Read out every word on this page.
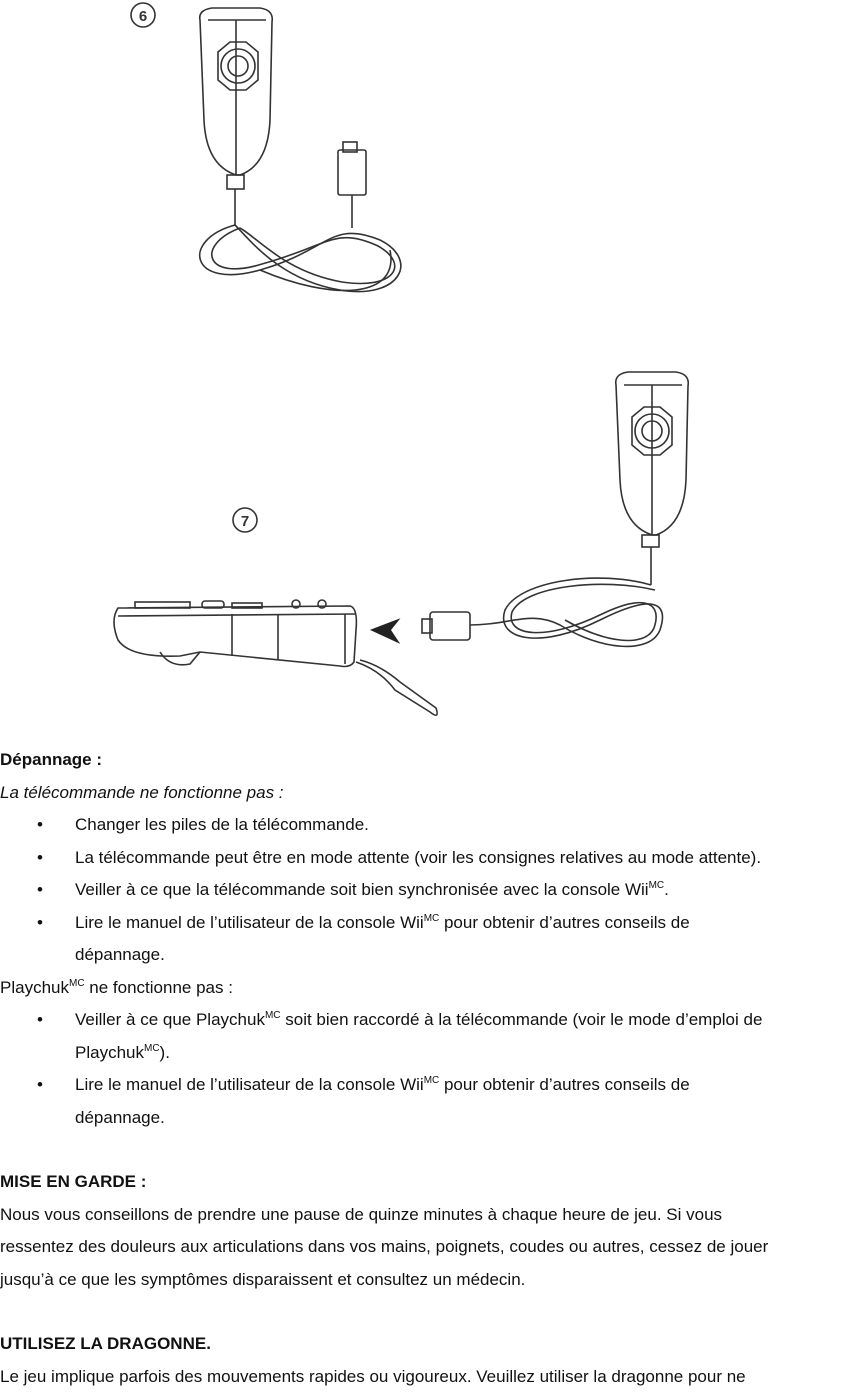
6
7

Dépannage :

La télécommande ne fonctionne pas :

• Changer les piles de la télécommande.
• La télécommande peut être en mode attente (voir les consignes relatives au mode attente).
• Veiller à ce que la télécommande soit bien synchronisée avec la console Wii$^{MC}$.
• Lire le manuel de l’utilisateur de la console Wii$^{MC}$ pour obtenir d’autres conseils de
dépannage.

Playchuk$^{MC}$ ne fonctionne pas :

• Veiller à ce que Playchuk$^{MC}$ soit bien raccordé à la télécommande (voir le mode d’emploi de
Playchuk$^{MC}$).
• Lire le manuel de l’utilisateur de la console Wii$^{MC}$ pour obtenir d’autres conseils de
dépannage.

MISE EN GARDE :

Nous vous conseillons de prendre une pause de quinze minutes à chaque heure de jeu. Si vous

ressentez des douleurs aux articulations dans vos mains, poignets, coudes ou autres, cessez de jouer

jusqu’à ce que les symptômes disparaissent et consultez un médecin.

UTILISEZ LA DRAGONNE.

Le jeu implique parfois des mouvements rapides ou vigoureux. Veuillez utiliser la dragonne pour ne
